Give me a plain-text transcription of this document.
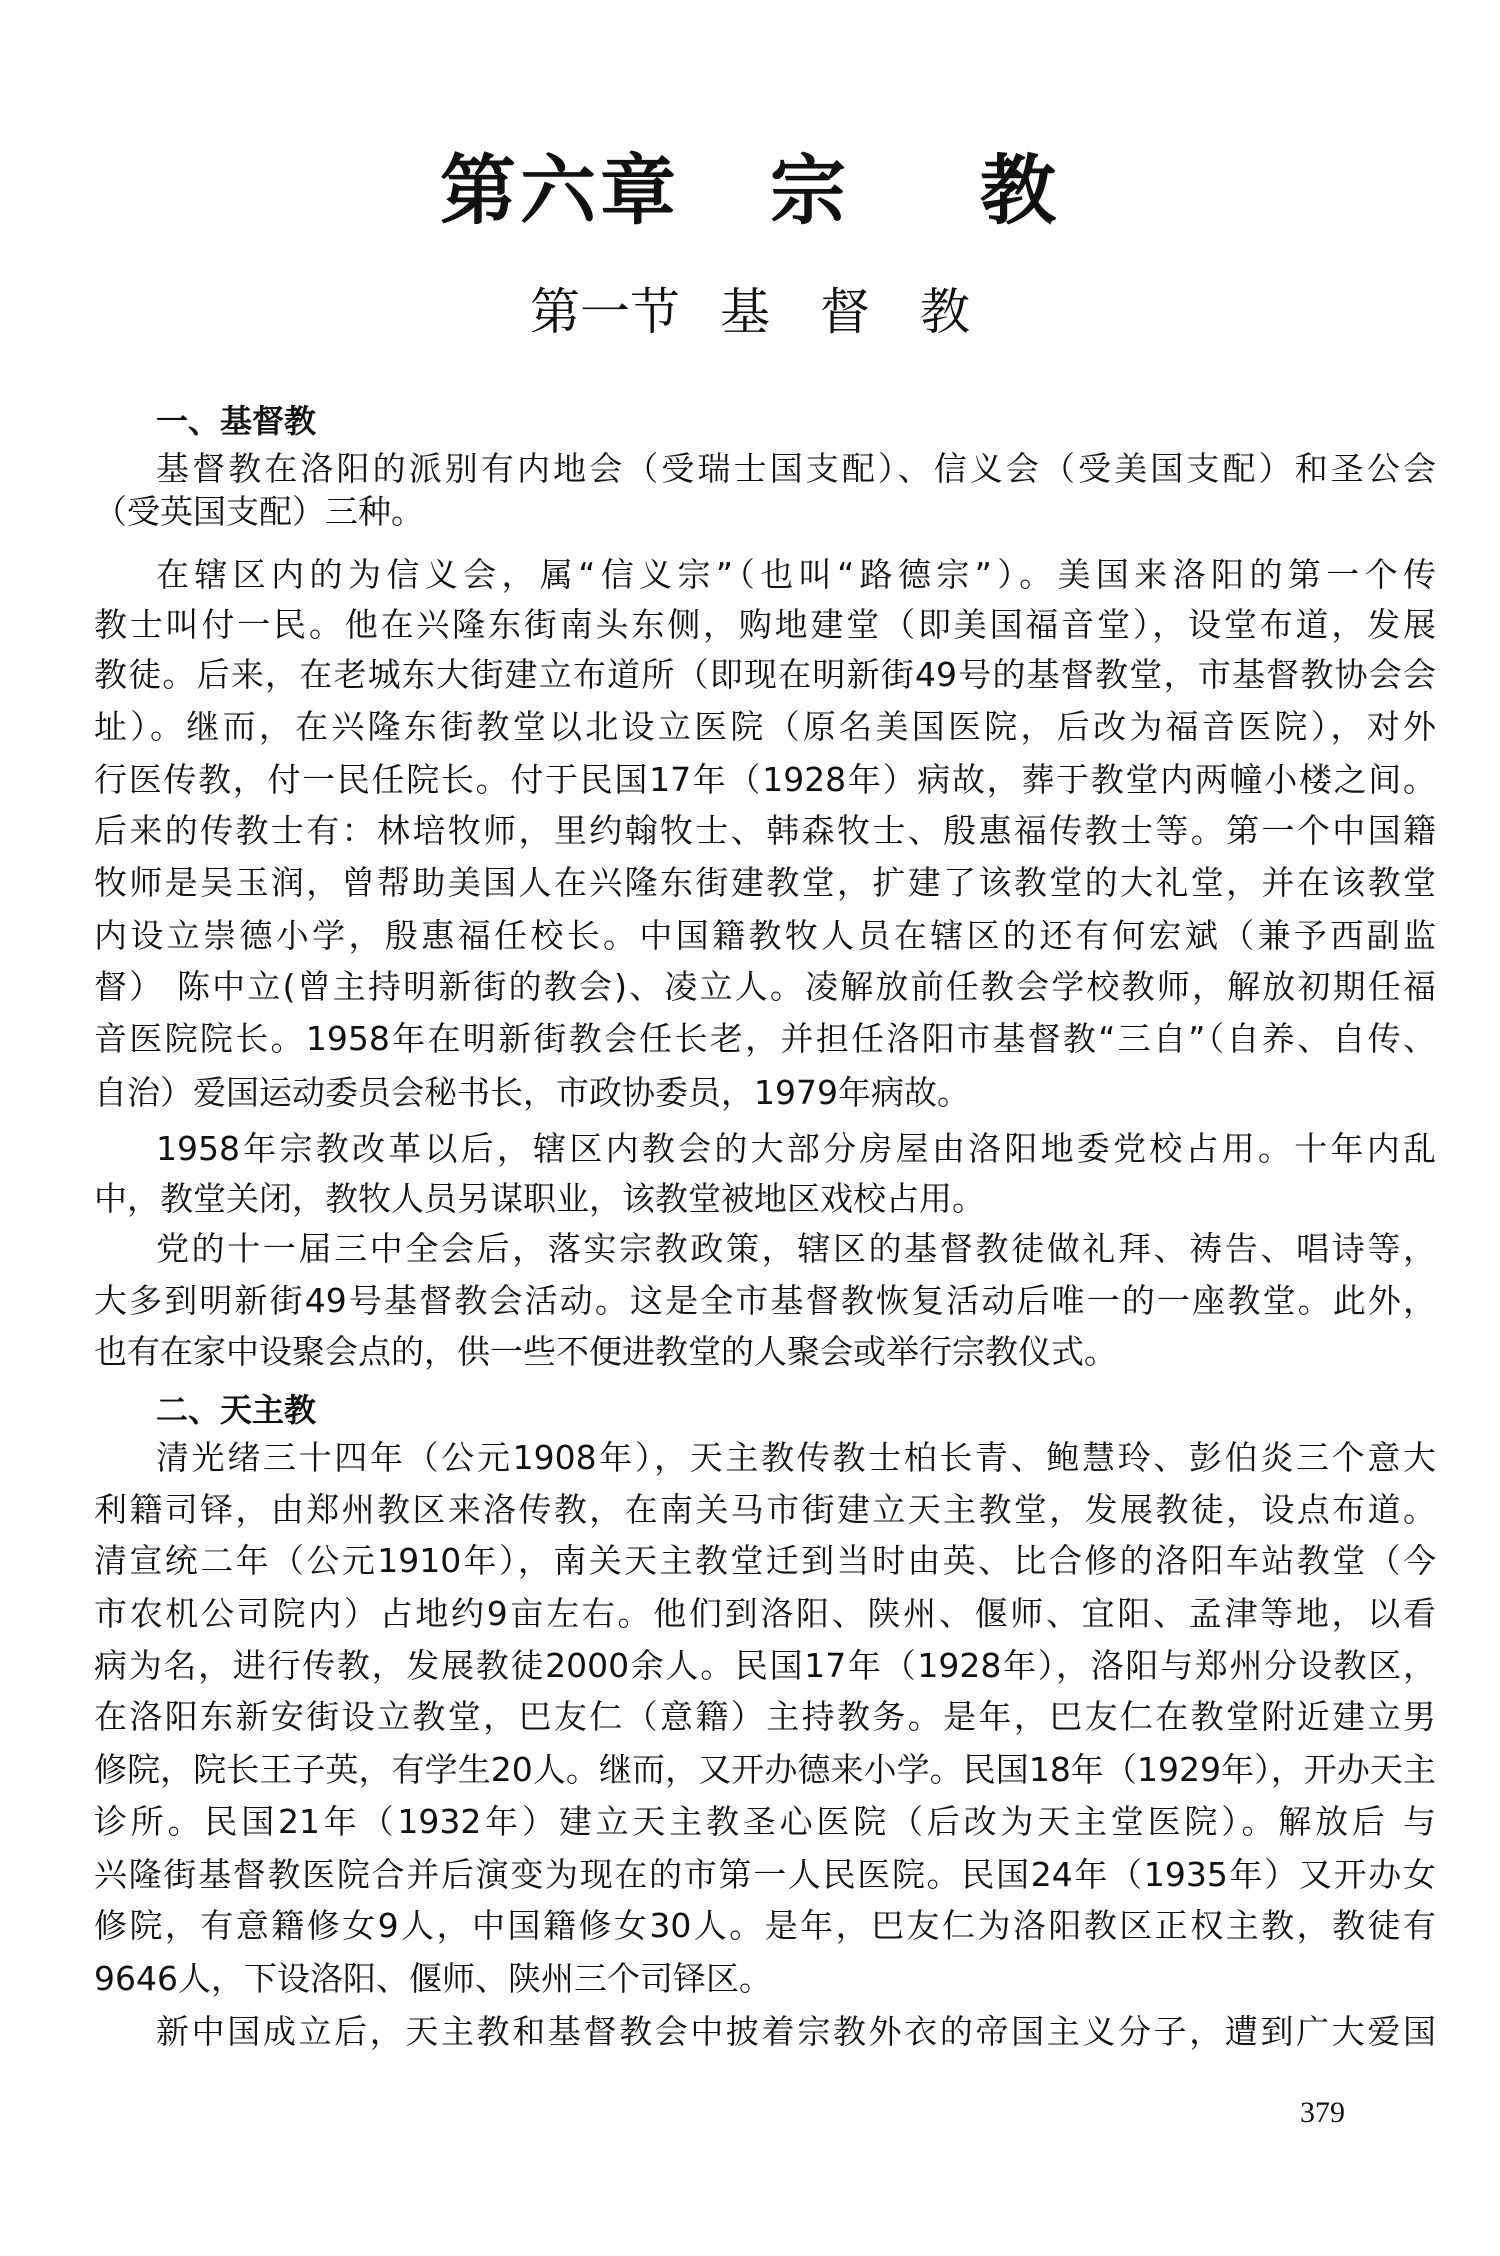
第六章 宗 教
第一节 基 督 教
一、基督教
基督教在洛阳的派别有内地会（受瑞士国支配）、信义会（受美国支配）和圣公会
（受英国支配）三种。
在辖区内的为信义会，属“信义宗”（也叫“路德宗”）。美国来洛阳的第一个传
教士叫付一民。他在兴隆东街南头东侧，购地建堂（即美国福音堂），设堂布道，发展
教徒。后来，在老城东大街建立布道所（即现在明新街49号的基督教堂，市基督教协会会
址）。继而，在兴隆东街教堂以北设立医院（原名美国医院，后改为福音医院），对外
行医传教，付一民任院长。付于民国17年（1928年）病故，葬于教堂内两幢小楼之间。
后来的传教士有：林培牧师，里约翰牧士、韩森牧士、殷惠福传教士等。第一个中国籍
牧师是吴玉润，曾帮助美国人在兴隆东街建教堂，扩建了该教堂的大礼堂，并在该教堂
内设立崇德小学，殷惠福任校长。中国籍教牧人员在辖区的还有何宏斌（兼予西副监
督） 陈中立(曾主持明新街的教会)、凌立人。凌解放前任教会学校教师，解放初期任福
音医院院长。1958年在明新街教会任长老，并担任洛阳市基督教“三自”（自养、自传、
自治）爱国运动委员会秘书长，市政协委员，1979年病故。
1958年宗教改革以后，辖区内教会的大部分房屋由洛阳地委党校占用。十年内乱
中，教堂关闭，教牧人员另谋职业，该教堂被地区戏校占用。
党的十一届三中全会后，落实宗教政策，辖区的基督教徒做礼拜、祷告、唱诗等，
大多到明新街49号基督教会活动。这是全市基督教恢复活动后唯一的一座教堂。此外，
也有在家中设聚会点的，供一些不便进教堂的人聚会或举行宗教仪式。
二、天主教
清光绪三十四年（公元1908年），天主教传教士柏长青、鲍慧玲、彭伯炎三个意大
利籍司铎，由郑州教区来洛传教，在南关马市街建立天主教堂，发展教徒，设点布道。
清宣统二年（公元1910年），南关天主教堂迁到当时由英、比合修的洛阳车站教堂（今
市农机公司院内）占地约9亩左右。他们到洛阳、陕州、偃师、宜阳、孟津等地，以看
病为名，进行传教，发展教徒2000余人。民国17年（1928年），洛阳与郑州分设教区，
在洛阳东新安街设立教堂，巴友仁（意籍）主持教务。是年，巴友仁在教堂附近建立男
修院，院长王子英，有学生20人。继而，又开办德来小学。民国18年（1929年），开办天主
诊所。民国21年（1932年）建立天主教圣心医院（后改为天主堂医院）。解放后 与
兴隆街基督教医院合并后演变为现在的市第一人民医院。民国24年（1935年）又开办女
修院，有意籍修女9人，中国籍修女30人。是年，巴友仁为洛阳教区正权主教，教徒有
9646人，下设洛阳、偃师、陕州三个司铎区。
新中国成立后，天主教和基督教会中披着宗教外衣的帝国主义分子，遭到广大爱国
379
